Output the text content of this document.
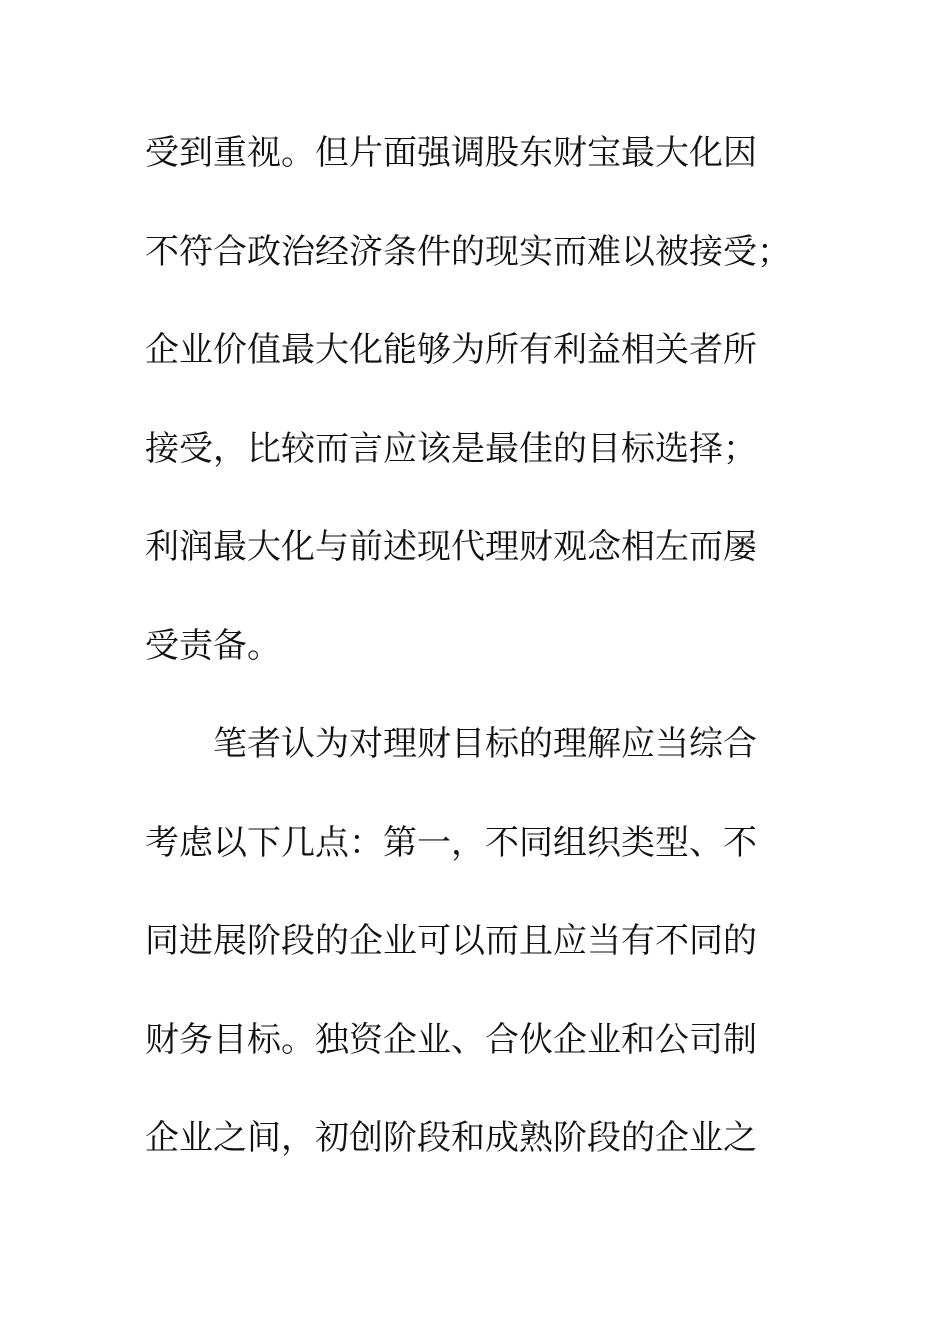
受到重视。但片面强调股东财宝最大化因
不符合政治经济条件的现实而难以被接受；
企业价值最大化能够为所有利益相关者所
接受，比较而言应该是最佳的目标选择；
利润最大化与前述现代理财观念相左而屡
受责备。
笔者认为对理财目标的理解应当综合
考虑以下几点：第一，不同组织类型、不
同进展阶段的企业可以而且应当有不同的
财务目标。独资企业、合伙企业和公司制
企业之间，初创阶段和成熟阶段的企业之
